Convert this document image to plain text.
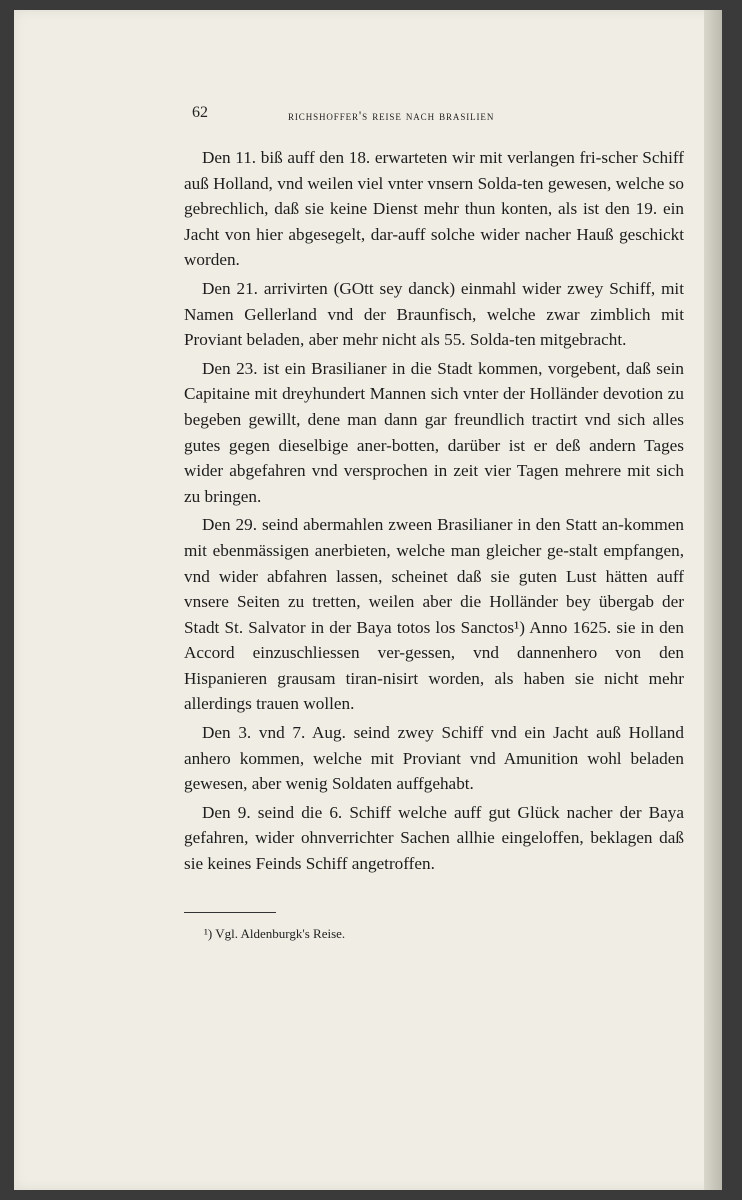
62	richshoffer's reise nach brasilien

Den 11. biß auff den 18. erwarteten wir mit verlangen fri-scher Schiff auß Holland, vnd weilen viel vnter vnsern Solda-ten gewesen, welche so gebrechlich, daß sie keine Dienst mehr thun konten, als ist den 19. ein Jacht von hier abgesegelt, dar-auff solche wider nacher Hauß geschickt worden.

Den 21. arrivirten (GOtt sey danck) einmahl wider zwey Schiff, mit Namen Gellerland vnd der Braunfisch, welche zwar zimblich mit Proviant beladen, aber mehr nicht als 55. Solda-ten mitgebracht.

Den 23. ist ein Brasilianer in die Stadt kommen, vorgebent, daß sein Capitaine mit dreyhundert Mannen sich vnter der Holländer devotion zu begeben gewillt, dene man dann gar freundlich tractirt vnd sich alles gutes gegen dieselbige aner-botten, darüber ist er deß andern Tages wider abgefahren vnd versprochen in zeit vier Tagen mehrere mit sich zu bringen.

Den 29. seind abermahlen zween Brasilianer in den Statt an-kommen mit ebenmässigen anerbieten, welche man gleicher ge-stalt empfangen, vnd wider abfahren lassen, scheinet daß sie guten Lust hätten auff vnsere Seiten zu tretten, weilen aber die Holländer bey übergab der Stadt St. Salvator in der Baya totos los Sanctos¹) Anno 1625. sie in den Accord einzuschliessen ver-gessen, vnd dannenhero von den Hispanieren grausam tiran-nisirt worden, als haben sie nicht mehr allerdings trauen wollen.

Den 3. vnd 7. Aug. seind zwey Schiff vnd ein Jacht auß Holland anhero kommen, welche mit Proviant vnd Amunition wohl beladen gewesen, aber wenig Soldaten auffgehabt.

Den 9. seind die 6. Schiff welche auff gut Glück nacher der Baya gefahren, wider ohnverrichter Sachen allhie eingeloffen, beklagen daß sie keines Feinds Schiff angetroffen.

¹) Vgl. Aldenburgk's Reise.
